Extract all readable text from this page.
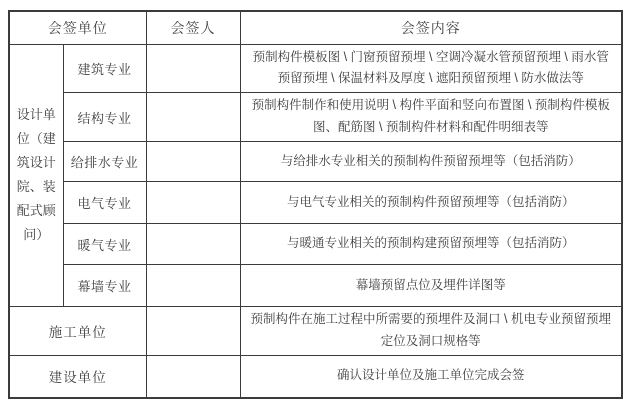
会签单位		会签人	会签内容
设计单位（建筑设计院、装配式顾问）	建筑专业		预制构件模板图 \ 门窗预留预埋 \ 空调冷凝水管预留预埋 \ 雨水管预留预埋 \ 保温材料及厚度 \ 遮阳预留预埋 \ 防水做法等
	结构专业		预制构件制作和使用说明 \ 构件平面和竖向布置图 \ 预制构件模板图、配筋图 \ 预制构件材料和配件明细表等
	给排水专业		与给排水专业相关的预制构件预留预埋等（包括消防）
	电气专业		与电气专业相关的预制构件预留预埋等（包括消防）
	暖气专业		与暖通专业相关的预制构建预留预埋等（包括消防）
	幕墙专业		幕墙预留点位及埋件详图等
施工单位			预制构件在施工过程中所需要的预埋件及洞口 \ 机电专业预留预埋定位及洞口规格等
建设单位			确认设计单位及施工单位完成会签
